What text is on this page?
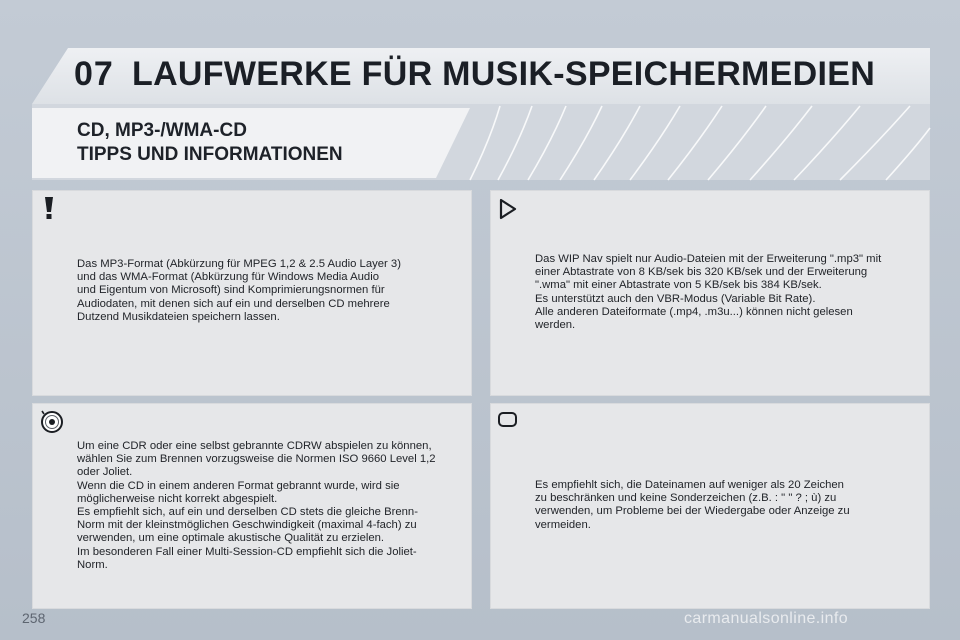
07 LAUFWERKE FÜR MUSIK-SPEICHERMEDIEN
CD, MP3-/WMA-CD
TIPPS UND INFORMATIONEN
Das MP3-Format (Abkürzung für MPEG 1,2 & 2.5 Audio Layer 3)
und das WMA-Format (Abkürzung für Windows Media Audio
und Eigentum von Microsoft) sind Komprimierungsnormen für
Audiodaten, mit denen sich auf ein und derselben CD mehrere
Dutzend Musikdateien speichern lassen.
Das WIP Nav spielt nur Audio-Dateien mit der Erweiterung ".mp3" mit
einer Abtastrate von 8 KB/sek bis 320 KB/sek und der Erweiterung
".wma" mit einer Abtastrate von 5 KB/sek bis 384 KB/sek.
Es unterstützt auch den VBR-Modus (Variable Bit Rate).
Alle anderen Dateiformate (.mp4, .m3u...) können nicht gelesen
werden.
Um eine CDR oder eine selbst gebrannte CDRW abspielen zu können,
wählen Sie zum Brennen vorzugsweise die Normen ISO 9660 Level 1,2
oder Joliet.
Wenn die CD in einem anderen Format gebrannt wurde, wird sie
möglicherweise nicht korrekt abgespielt.
Es empfiehlt sich, auf ein und derselben CD stets die gleiche Brenn-
Norm mit der kleinstmöglichen Geschwindigkeit (maximal 4-fach) zu
verwenden, um eine optimale akustische Qualität zu erzielen.
Im besonderen Fall einer Multi-Session-CD empfiehlt sich die Joliet-
Norm.
Es empfiehlt sich, die Dateinamen auf weniger als 20 Zeichen
zu beschränken und keine Sonderzeichen (z.B. : " " ? ; ù) zu
verwenden, um Probleme bei der Wiedergabe oder Anzeige zu
vermeiden.
258	carmanualsonline.info
